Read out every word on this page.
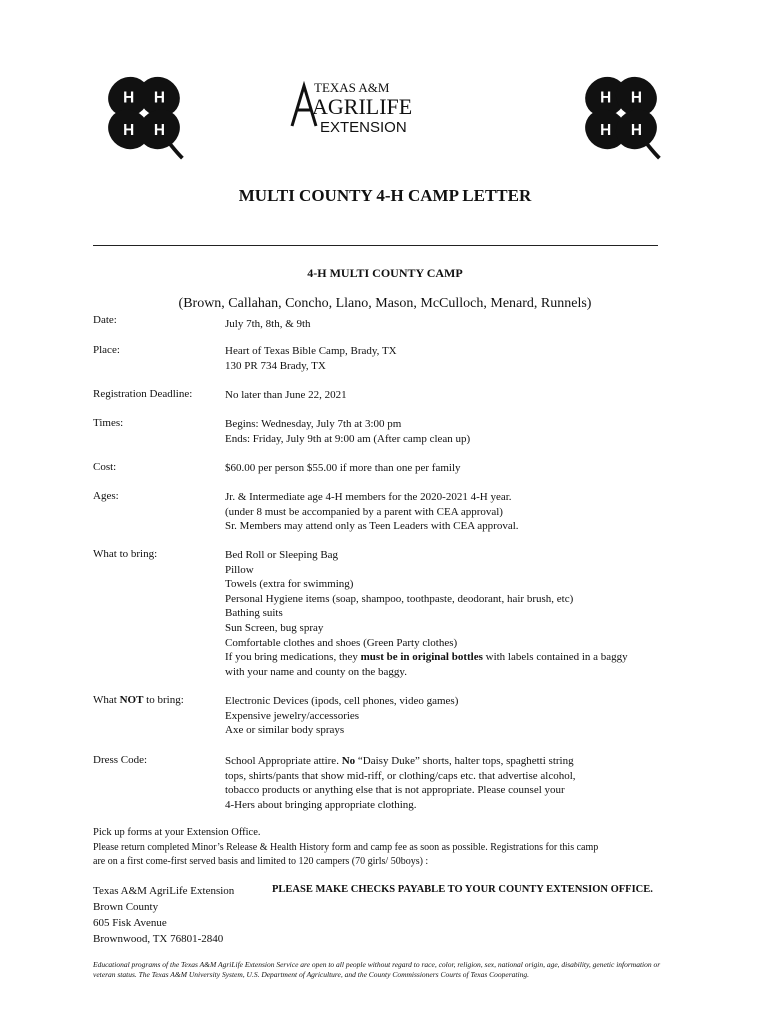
H H
H H
H H
H H
TEXAS A&M
AGRILIFE
EXTENSION
MULTI COUNTY 4-H CAMP LETTER
4-H MULTI COUNTY CAMP
(Brown, Callahan, Concho, Llano, Mason, McCulloch, Menard, Runnels)
Date:	July 7th, 8th, & 9th
Place:	Heart of Texas Bible Camp, Brady, TX
130 PR 734 Brady, TX
Registration Deadline:	No later than June 22, 2021
Times:	Begins: Wednesday, July 7th at 3:00 pm
Ends: Friday, July 9th at 9:00 am (After camp clean up)
Cost:	$60.00 per person $55.00 if more than one per family
Ages:	Jr. & Intermediate age 4-H members for the 2020-2021 4-H year.
(under 8 must be accompanied by a parent with CEA approval)
Sr. Members may attend only as Teen Leaders with CEA approval.
What to bring:	Bed Roll or Sleeping Bag
Pillow
Towels (extra for swimming)
Personal Hygiene items (soap, shampoo, toothpaste, deodorant, hair brush, etc)
Bathing suits
Sun Screen, bug spray
Comfortable clothes and shoes (Green Party clothes)
If you bring medications, they must be in original bottles with labels contained in a baggy
with your name and county on the baggy.
What NOT to bring:	Electronic Devices (ipods, cell phones, video games)
Expensive jewelry/accessories
Axe or similar body sprays
Dress Code:	School Appropriate attire. No “Daisy Duke” shorts, halter tops, spaghetti string
tops, shirts/pants that show mid-riff, or clothing/caps etc. that advertise alcohol,
tobacco products or anything else that is not appropriate. Please counsel your
4-Hers about bringing appropriate clothing.
Pick up forms at your Extension Office.
Please return completed Minor’s Release & Health History form and camp fee as soon as possible. Registrations for this camp
are on a first come-first served basis and limited to 120 campers (70 girls/ 50boys) :
Texas A&M AgriLife Extension
Brown County
605 Fisk Avenue
Brownwood, TX 76801-2840
PLEASE MAKE CHECKS PAYABLE TO YOUR COUNTY EXTENSION OFFICE.
Educational programs of the Texas A&M AgriLife Extension Service are open to all people without regard to race, color, religion, sex, national origin, age, disability, genetic information or
veteran status. The Texas A&M University System, U.S. Department of Agriculture, and the County Commissioners Courts of Texas Cooperating.
